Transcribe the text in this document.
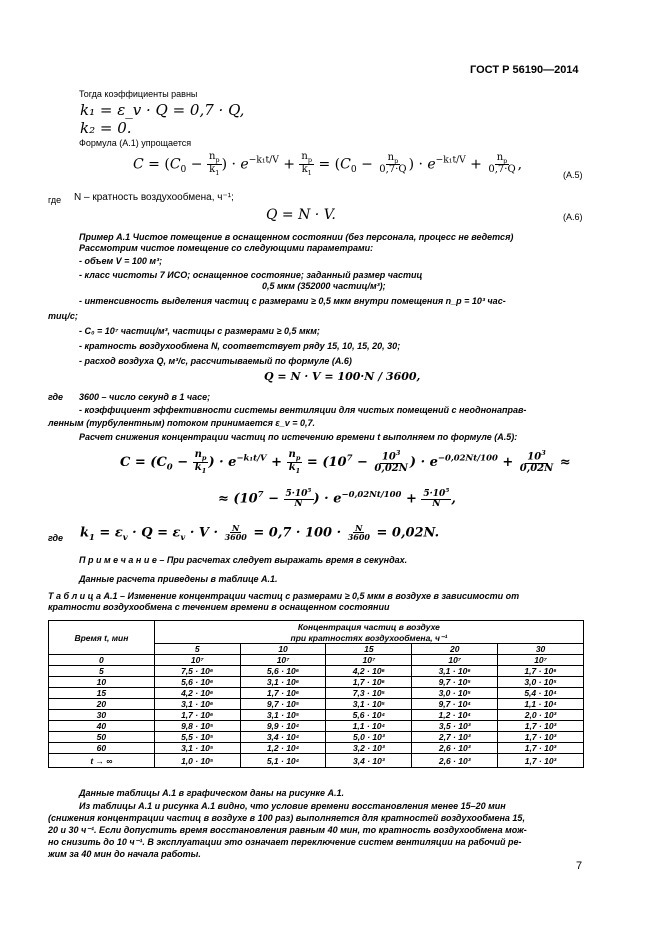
ГОСТ Р 56190—2014
Тогда коэффициенты равны
k₁ = ε_v · Q = 0,7 · Q,
k₂ = 0.
Формула (А.1) упрощается
$C = (C_0 - \frac{n_p}{k_1}$ ) · $e^{-k_1t/V} + \frac{n_p}{k_1} = (C_0 - \frac{n_p}{0,7\cdot Q}$ ) · $e^{-k_1t/V} + \frac{n_p}{0,7\cdot Q}$ ,
(А.5)
где N – кратность воздухообмена, ч⁻¹;
Q = N · V.	(А.6)
Пример А.1 Чистое помещение в оснащенном состоянии (без персонала, процесс не ведется)
Рассмотрим чистое помещение со следующими параметрами:
- объем V = 100 м³;
- класс чистоты 7 ИСО; оснащенное состояние; заданный размер частиц
0,5 мкм (352000 частиц/м³);
- интенсивность выделения частиц с размерами ≥ 0,5 мкм внутри помещения n_p = 10³ час-
тиц/с;
- C₀ = 10⁷ частиц/м³, частицы с размерами ≥ 0,5 мкм;
- кратность воздухообмена N, соответствует ряду 15, 10, 15, 20, 30;
- расход воздуха Q, м³/с, рассчитываемый по формуле (А.6)
Q = N · V = 100·N / 3600,
где 3600 – число секунд в 1 часе;
- коэффициент эффективности системы вентиляции для чистых помещений с неоднонаправ-
ленным (турбулентным) потоком принимается ε_v = 0,7.
Расчет снижения концентрации частиц по истечению времени t выполняем по формуле (А.5):
$C = (C_0 - \frac{n_p}{k_1}$ ) · $e^{-k_1t/V} + \frac{n_p}{k_1} = (10^7 - \frac{10^3}{0,02N}$ ) · $e^{-0,02Nt/100} + \frac{10^3}{0,02N}$ ≈
≈ ($10^7 - \frac{5\cdot 10^5}{N}$ ) · $e^{-0,02Nt/100} + \frac{5\cdot 10^5}{N}$ ,
где $k_1 = \varepsilon_v \cdot Q = \varepsilon_v \cdot V \cdot \frac{N}{3600} = 0,7 \cdot 100 \cdot \frac{N}{3600} = 0,02N$.
П р и м е ч а н и е – При расчетах следует выражать время в секундах.
Данные расчета приведены в таблице А.1.
Т а б л и ц а А.1 – Изменение концентрации частиц с размерами ≥ 0,5 мкм в воздухе в зависимости от
кратности воздухообмена с течением времени в оснащенном состоянии
Время t, мин	Концентрация частиц в воздухе				
	при кратностях воздухообмена, ч⁻¹				
	5	10	15	20	30
0	10⁷	10⁷	10⁷	10⁷	10⁷
5	7,5 · 10⁶	5,6 · 10⁶	4,2 · 10⁶	3,1 · 10⁶	1,7 · 10⁶
10	5,6 · 10⁶	3,1 · 10⁶	1,7 · 10⁶	9,7 · 10⁵	3,0 · 10⁵
15	4,2 · 10⁶	1,7 · 10⁶	7,3 · 10⁵	3,0 · 10⁵	5,4 · 10⁴
20	3,1 · 10⁶	9,7 · 10⁵	3,1 · 10⁵	9,7 · 10⁴	1,1 · 10⁴
30	1,7 · 10⁶	3,1 · 10⁵	5,6 · 10⁴	1,2 · 10⁴	2,0 · 10³
40	9,8 · 10⁵	9,9 · 10⁴	1,1 · 10⁴	3,5 · 10³	1,7 · 10³
50	5,5 · 10⁵	3,4 · 10⁴	5,0 · 10³	2,7 · 10³	1,7 · 10³
60	3,1 · 10⁵	1,2 · 10⁴	3,2 · 10³	2,6 · 10³	1,7 · 10³
t → ∞	1,0 · 10⁵	5,1 · 10⁴	3,4 · 10³	2,6 · 10³	1,7 · 10³
Данные таблицы А.1 в графическом даны на рисунке А.1.
Из таблицы А.1 и рисунка А.1 видно, что условие времени восстановления менее 15–20 мин
(снижения концентрации частиц в воздухе в 100 раз) выполняется для кратностей воздухообмена 15,
20 и 30 ч⁻¹. Если допустить время восстановления равным 40 мин, то кратность воздухообмена мож-
но снизить до 10 ч⁻¹. В эксплуатации это означает переключение систем вентиляции на рабочий ре-
жим за 40 мин до начала работы.
7
